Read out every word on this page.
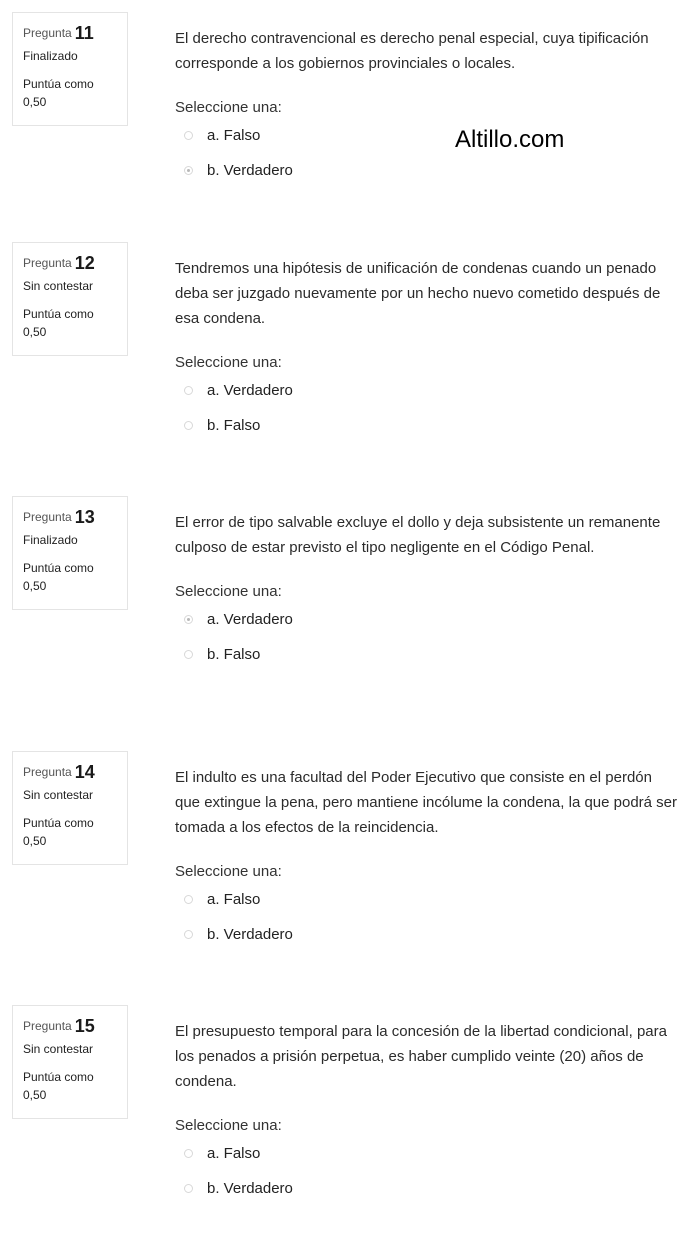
Altillo.com
Pregunta 11
Finalizado
Puntúa como 0,50

El derecho contravencional es derecho penal especial, cuya tipificación corresponde a los gobiernos provinciales o locales.

Seleccione una:
a. Falso
b. Verdadero
Pregunta 12
Sin contestar
Puntúa como 0,50

Tendremos una hipótesis de unificación de condenas cuando un penado deba ser juzgado nuevamente por un hecho nuevo cometido después de esa condena.

Seleccione una:
a. Verdadero
b. Falso
Pregunta 13
Finalizado
Puntúa como 0,50

El error de tipo salvable excluye el dollo y deja subsistente un remanente culposo de estar previsto el tipo negligente en el Código Penal.

Seleccione una:
a. Verdadero
b. Falso
Pregunta 14
Sin contestar
Puntúa como 0,50

El indulto es una facultad del Poder Ejecutivo que consiste en el perdón que extingue la pena, pero mantiene incólume la condena, la que podrá ser tomada a los efectos de la reincidencia.

Seleccione una:
a. Falso
b. Verdadero
Pregunta 15
Sin contestar
Puntúa como 0,50

El presupuesto temporal para la concesión de la libertad condicional, para los penados a prisión perpetua, es haber cumplido veinte (20) años de condena.

Seleccione una:
a. Falso
b. Verdadero
